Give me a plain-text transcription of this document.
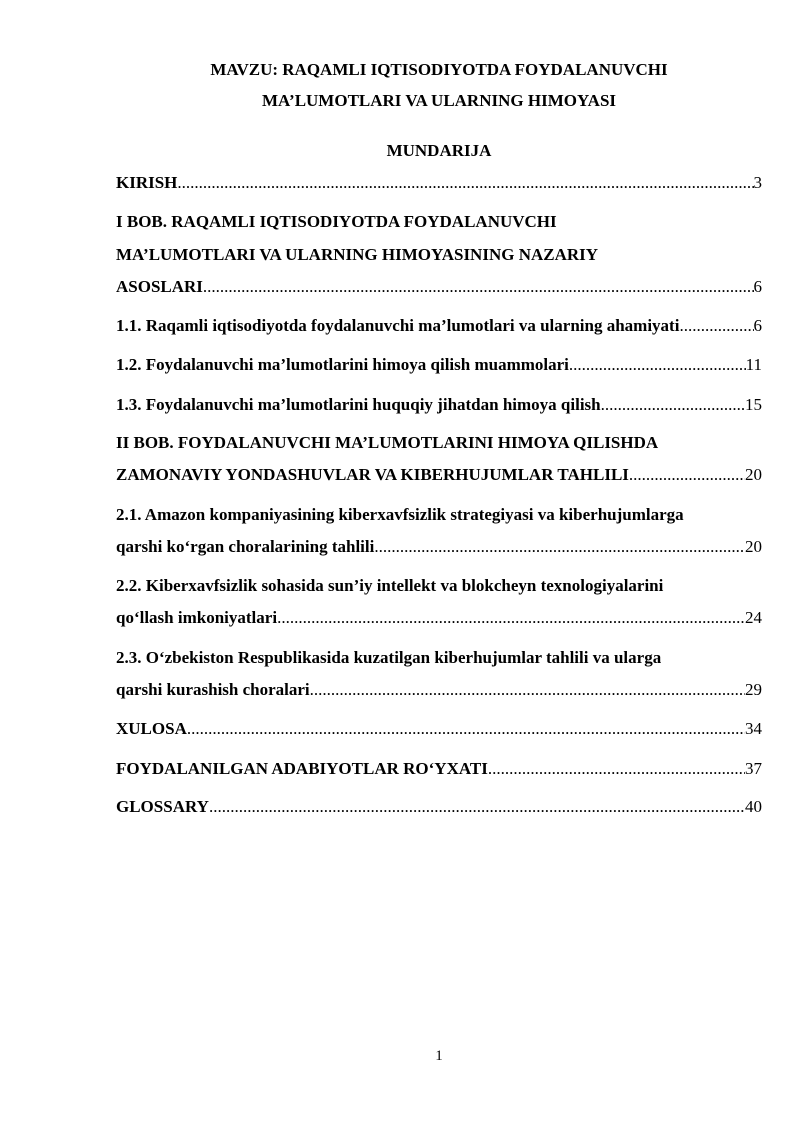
MAVZU: RAQAMLI IQTISODIYOTDA FOYDALANUVCHI
MA’LUMOTLARI VA ULARNING HIMOYASI
MUNDARIJA
KIRISH .....	3
I BOB. RAQAMLI IQTISODIYOTDA FOYDALANUVCHI
MA’LUMOTLARI VA ULARNING HIMOYASINING NAZARIY
ASOSLARI .....	6
1.1. Raqamli iqtisodiyotda foydalanuvchi ma’lumotlari va ularning ahamiyati .....	6
1.2. Foydalanuvchi ma’lumotlarini himoya qilish muammolari .....	11
1.3. Foydalanuvchi ma’lumotlarini huquqiy jihatdan himoya qilish .....	15
II BOB. FOYDALANUVCHI MA’LUMOTLARINI HIMOYA QILISHDA
ZAMONAVIY YONDASHUVLAR VA KIBERHUJUMLAR TAHLILI .....	20
2.1. Amazon kompaniyasining kiberxavfsizlik strategiyasi va kiberhujumlarga
qarshi ko‘rgan choralarining tahlili .....	20
2.2. Kiberxavfsizlik sohasida sun’iy intellekt va blokcheyn texnologiyalarini
qo‘llash imkoniyatlari .....	24
2.3. O‘zbekiston Respublikasida kuzatilgan kiberhujumlar tahlili va ularga
qarshi kurashish choralari .....	29
XULOSA .....	34
FOYDALANILGAN ADABIYOTLAR RO‘YXATI .....	37
GLOSSARY .....	40
1
